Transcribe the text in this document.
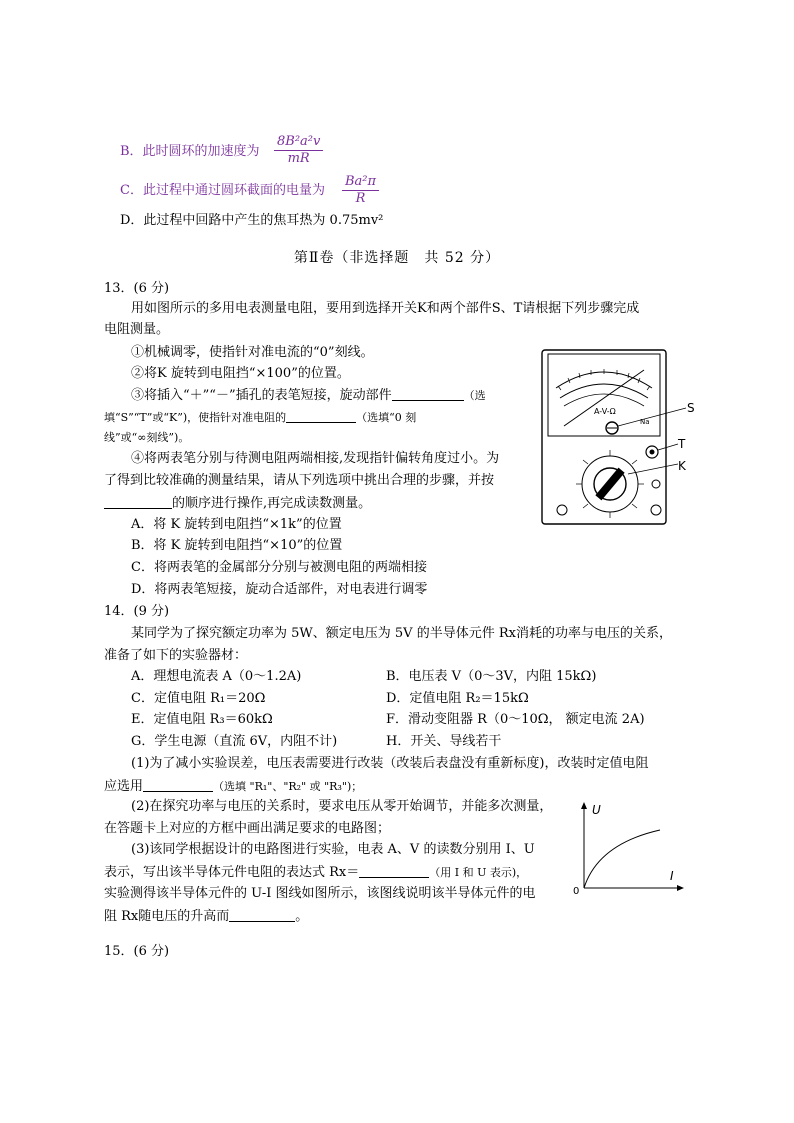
B．此时圆环的加速度为 $\frac{\text{8B²a²v}}{mR}$
C．此过程中通过圆环截面的电量为 $\frac{\text{Ba²π}}{R}$
D．此过程中回路中产生的焦耳热为 0.75mv²
第Ⅱ卷（非选择题　共 52 分）
13．(6 分)
用如图所示的多用电表测量电阻，要用到选择开关K和两个部件S、T请根据下列步骤完成
电阻测量。
①机械调零，使指针对准电流的“0”刻线。
②将K 旋转到电阻挡“×100”的位置。
③将插入“＋”“－”插孔的表笔短接，旋动部件	（选
填“S”“T”或“K”)，使指针对准电阻的	（选填“0 刻
线”或“∞刻线”)。
④将两表笔分别与待测电阻两端相接,发现指针偏转角度过小。为
了得到比较准确的测量结果，请从下列选项中挑出合理的步骤，并按
的顺序进行操作,再完成读数测量。
A．将 K 旋转到电阻挡“×1k”的位置
B．将 K 旋转到电阻挡“×10”的位置
C．将两表笔的金属部分分别与被测电阻的两端相接
D．将两表笔短接，旋动合适部件，对电表进行调零
A-V-Ω
Na
S
T
K
14．(9 分)
某同学为了探究额定功率为 5W、额定电压为 5V 的半导体元件 Rx消耗的功率与电压的关系，
准备了如下的实验器材：
A．理想电流表 A（0～1.2A)	B．电压表 V（0～3V，内阻 15kΩ)
C．定值电阻 R₁＝20Ω	D．定值电阻 R₂＝15kΩ
E．定值电阻 R₃＝60kΩ	F．滑动变阻器 R（0～10Ω， 额定电流 2A)
G．学生电源（直流 6V，内阻不计)	H．开关、导线若干
(1)为了减小实验误差，电压表需要进行改装（改装后表盘没有重新标度)，改装时定值电阻
应选用	（选填 "R₁"、"R₂" 或 "R₃")；
(2)在探究功率与电压的关系时，要求电压从零开始调节，并能多次测量，
在答题卡上对应的方框中画出满足要求的电路图；
(3)该同学根据设计的电路图进行实验，电表 A、V 的读数分别用 I、U
表示，写出该半导体元件电阻的表达式 Rx＝	（用 I 和 U 表示)，
实验测得该半导体元件的 U-I 图线如图所示，该图线说明该半导体元件的电
阻 Rx随电压的升高而	。
U
I
0
15．(6 分)
